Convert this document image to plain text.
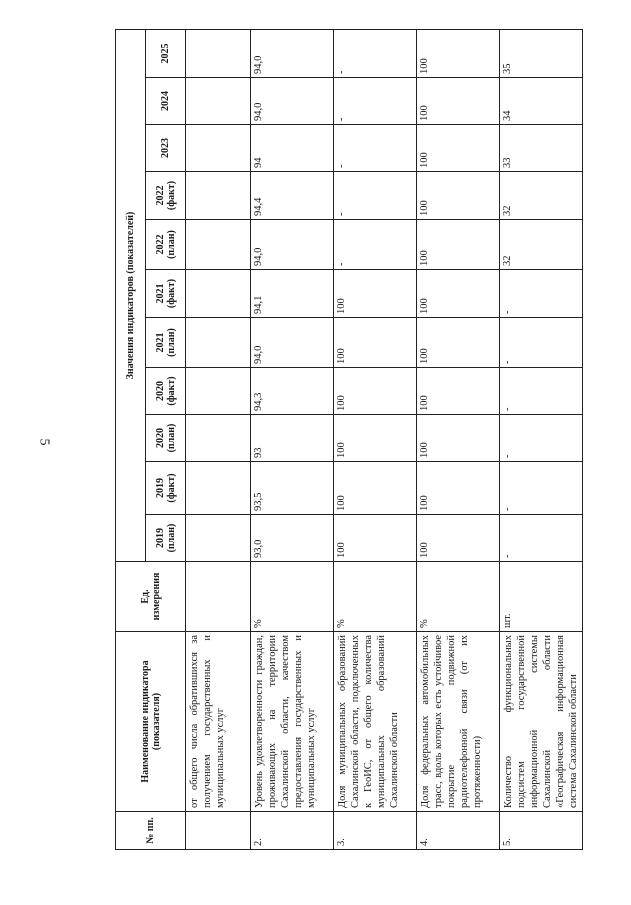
5
№ пп.	Наименование индикатора (показателя)	Ед. измерения	Значения индикаторов (показателей)										
			2019 (план)	2019 (факт)	2020 (план)	2020 (факт)	2021 (план)	2021 (факт)	2022 (план)	2022 (факт)	2023	2024	2025
	от общего числа обратившихся за получением государственных и муниципальных услуг												
2.	Уровень удовлетворенности граждан, проживающих на территории Сахалинской области, качеством предоставления государственных и муниципальных услуг	%	93,0	93,5	93	94,3	94,0	94,1	94,0	94,4	94	94,0	94,0
3.	Доля муниципальных образований Сахалинской области, подключенных к ГеоИС, от общего количества муниципальных образований Сахалинской области	%	100	100	100	100	100	100	-	-	-	-	-
4.	Доля федеральных автомобильных трасс, вдоль которых есть устойчивое покрытие подвижной радиотелефонной связи (от их протяженности)	%	100	100	100	100	100	100	100	100	100	100	100
5.	Количество функциональных подсистем государственной информационной системы Сахалинской области «Географическая информационная система Сахалинской области	шт.	-	-	-	-	-	-	32	32	33	34	35
